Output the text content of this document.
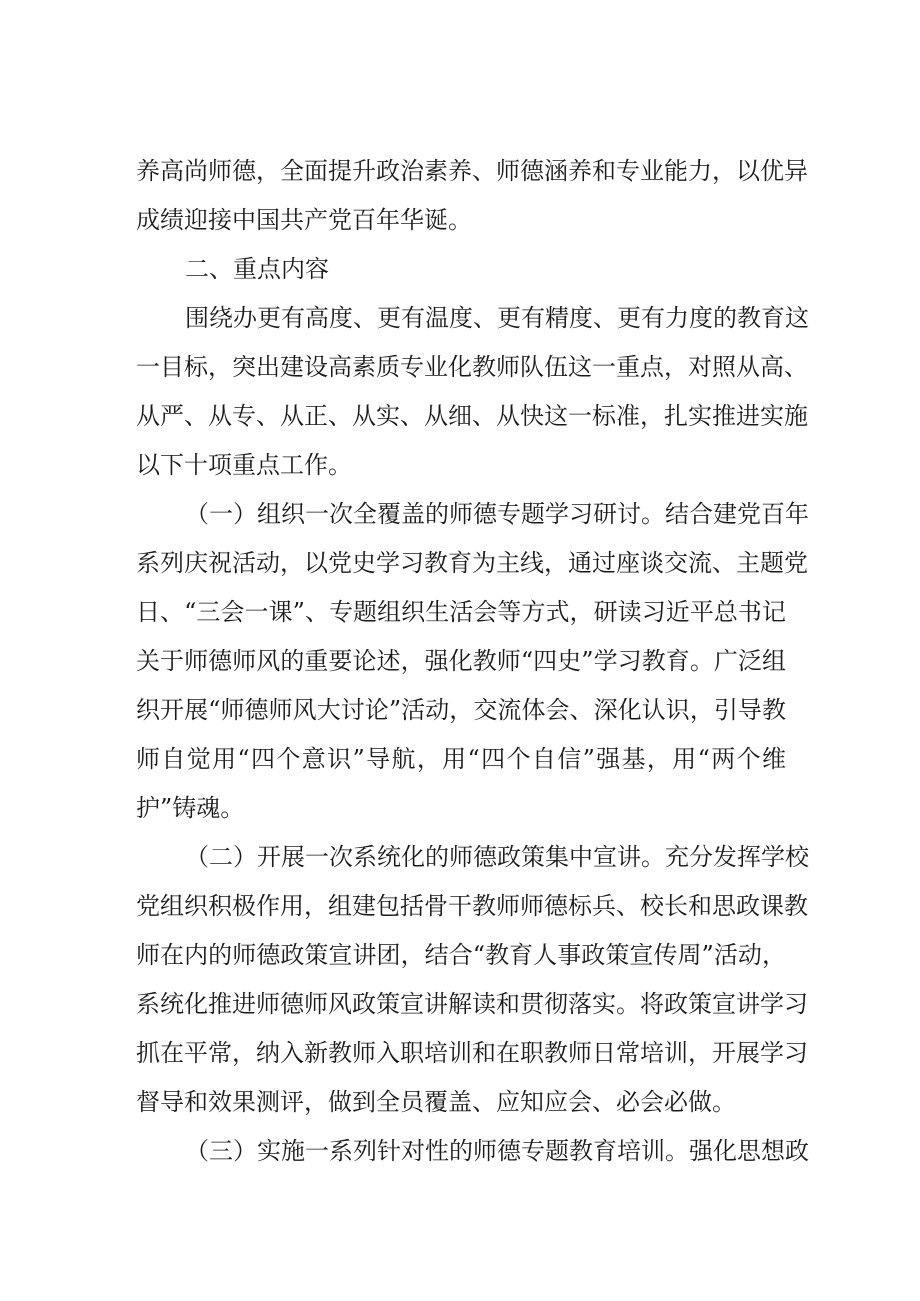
养高尚师德，全面提升政治素养、师德涵养和专业能力，以优异
成绩迎接中国共产党百年华诞。
二、重点内容
围绕办更有高度、更有温度、更有精度、更有力度的教育这
一目标，突出建设高素质专业化教师队伍这一重点，对照从高、
从严、从专、从正、从实、从细、从快这一标准，扎实推进实施
以下十项重点工作。
（一）组织一次全覆盖的师德专题学习研讨。结合建党百年
系列庆祝活动，以党史学习教育为主线，通过座谈交流、主题党
日、“三会一课”、专题组织生活会等方式，研读习近平总书记
关于师德师风的重要论述，强化教师“四史”学习教育。广泛组
织开展“师德师风大讨论”活动，交流体会、深化认识，引导教
师自觉用“四个意识”导航，用“四个自信”强基，用“两个维
护”铸魂。
（二）开展一次系统化的师德政策集中宣讲。充分发挥学校
党组织积极作用，组建包括骨干教师师德标兵、校长和思政课教
师在内的师德政策宣讲团，结合“教育人事政策宣传周”活动，
系统化推进师德师风政策宣讲解读和贯彻落实。将政策宣讲学习
抓在平常，纳入新教师入职培训和在职教师日常培训，开展学习
督导和效果测评，做到全员覆盖、应知应会、必会必做。
（三）实施一系列针对性的师德专题教育培训。强化思想政
